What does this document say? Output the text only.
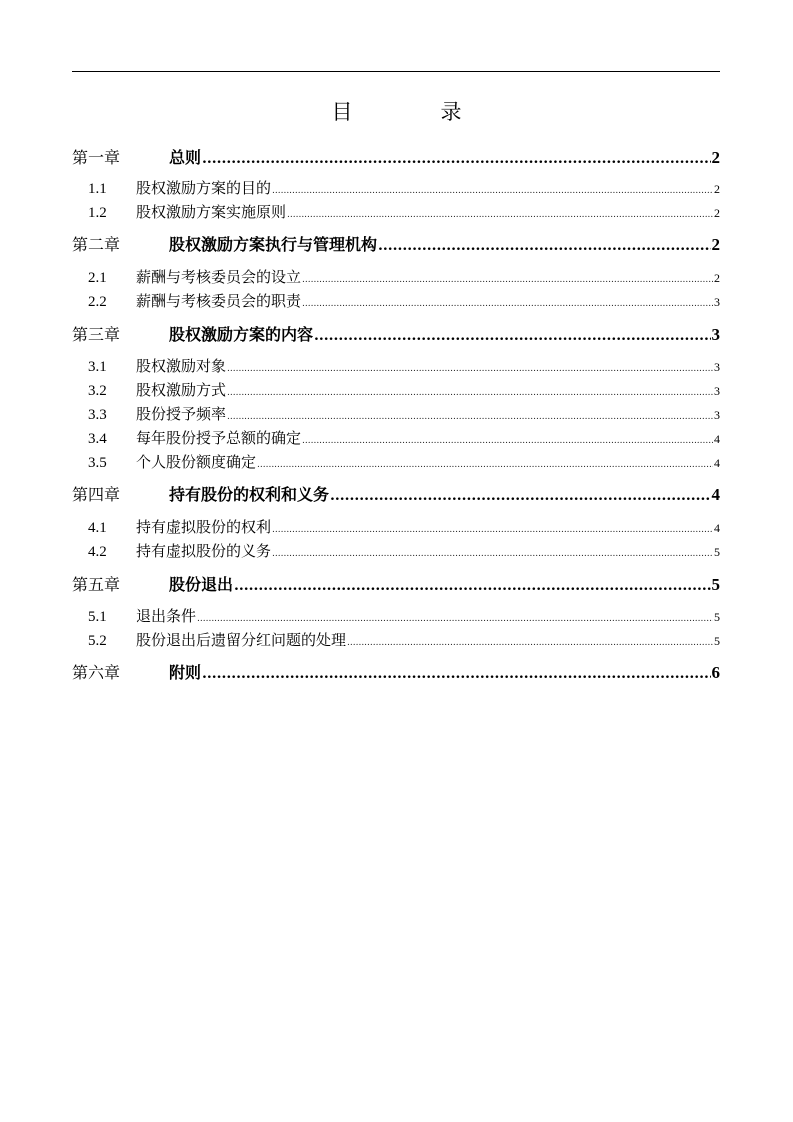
目	录
第一章	总则 .....	2
1.1	股权激励方案的目的 .....	2
1.2	股权激励方案实施原则 .....	2
第二章	股权激励方案执行与管理机构 .....	2
2.1	薪酬与考核委员会的设立 .....	2
2.2	薪酬与考核委员会的职责 .....	3
第三章	股权激励方案的内容 .....	3
3.1	股权激励对象 .....	3
3.2	股权激励方式 .....	3
3.3	股份授予频率 .....	3
3.4	每年股份授予总额的确定 .....	4
3.5	个人股份额度确定 .....	4
第四章	持有股份的权利和义务 .....	4
4.1	持有虚拟股份的权利 .....	4
4.2	持有虚拟股份的义务 .....	5
第五章	股份退出 .....	5
5.1	退出条件 .....	5
5.2	股份退出后遗留分红问题的处理 .....	5
第六章	附则 .....	6
